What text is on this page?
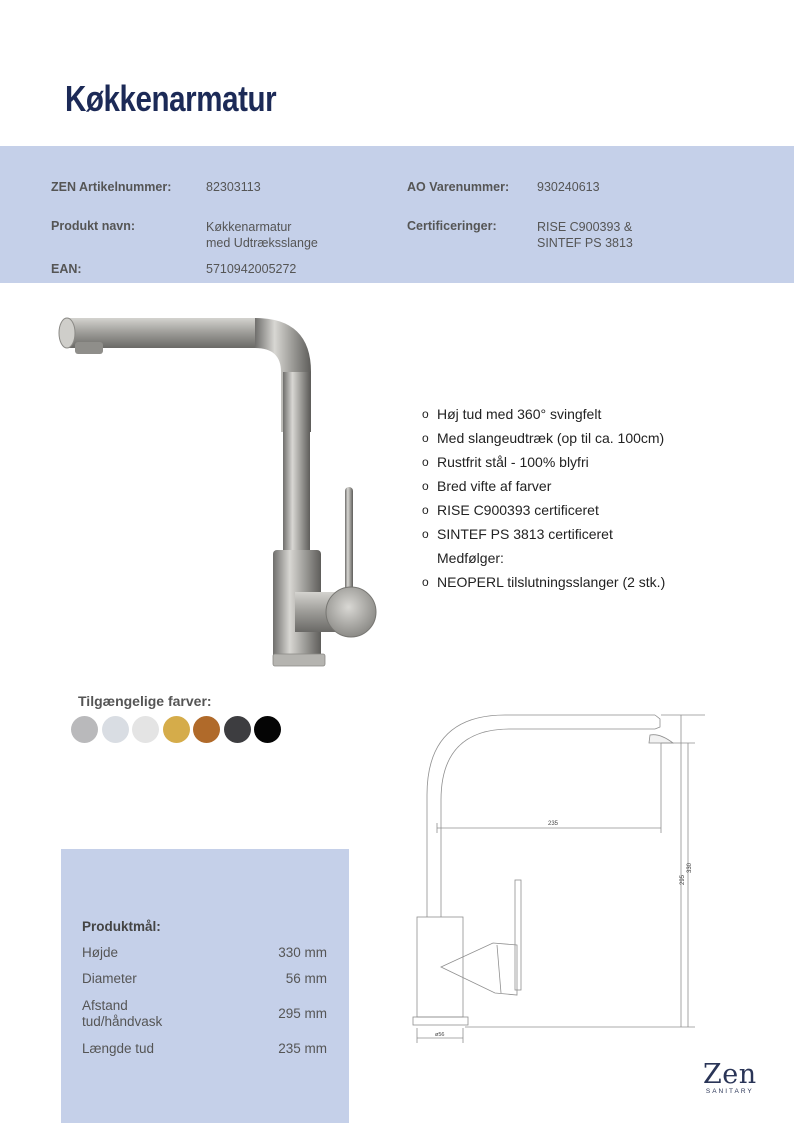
Køkkenarmatur
ZEN Artikelnummer:	82303113	AO Varenummer: 930240613
Produkt navn:	Køkkenarmatur
med Udtræksslange
Certificeringer:	RISE C900393 &
SINTEF PS 3813
EAN:	5710942005272
o Høj tud med 360° svingfelt
o Med slangeudtræk (op til ca. 100cm)
o Rustfrit stål - 100% blyfri
o Bred vifte af farver
o RISE C900393 certificeret
o SINTEF PS 3813 certificeret
Medfølger:
o NEOPERL tilslutningsslanger (2 stk.)
Tilgængelige farver:
235
295
330
ø56
Produktmål:
Højde	330 mm
Diameter	56 mm
Afstand
tud/håndvask
295 mm
Længde tud	235 mm
Zen
SANITARY
